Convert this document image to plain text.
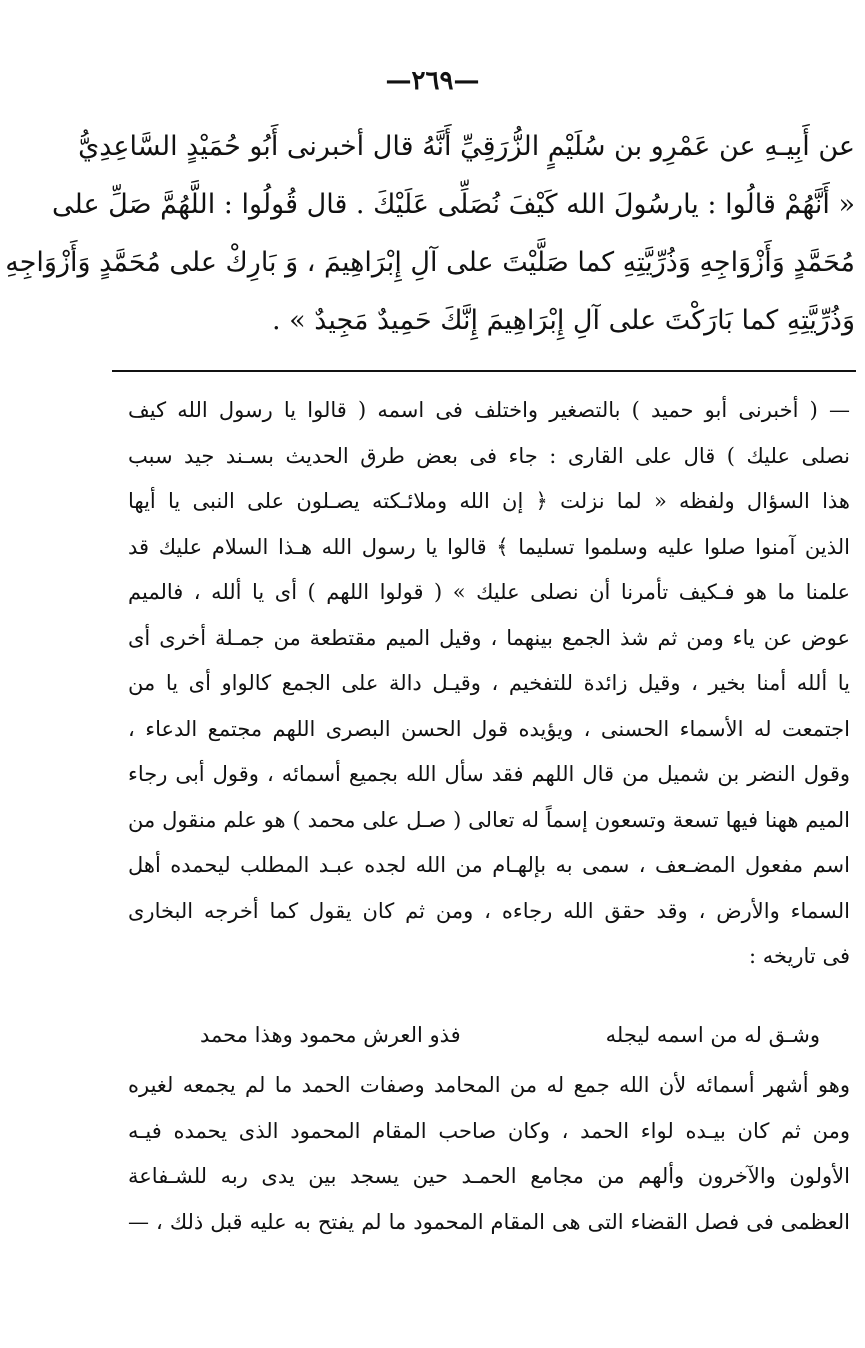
—٢٦٩—
عن أَبِيـهِ عن عَمْرِو بن سُلَيْمٍ الزُّرَقِيِّ أَنَّهُ قال أخبرنى أَبُو حُمَيْدٍ السَّاعِدِيُّ
« أَنَّهُمْ قالُوا : يارسُولَ الله كَيْفَ نُصَلِّى عَلَيْكَ . قال قُولُوا : اللَّهُمَّ صَلِّ على
مُحَمَّدٍ وَأَزْوَاجِهِ وَذُرِّيَّتِهِ كما صَلَّيْتَ على آلِ إِبْرَاهِيمَ ، وَ بَارِكْ على مُحَمَّدٍ وَأَزْوَاجِهِ
وَذُرِّيَّتِهِ كما بَارَكْتَ على آلِ إِبْرَاهِيمَ إِنَّكَ حَمِيدٌ مَجِيدٌ » .
— ( أخبرنى أبو حميد ) بالتصغير واختلف فى اسمه ( قالوا يا رسول الله كيف
نصلى عليك ) قال على القارى : جاء فى بعض طرق الحديث بسـند جيد سبب
هذا السؤال ولفظه « لما نزلت ﴿ إن الله وملائـكته يصـلون على النبى يا أيها
الذين آمنوا صلوا عليه وسلموا تسليما ﴾ قالوا يا رسول الله هـذا السلام عليك قد
علمنا ما هو فـكيف تأمرنا أن نصلى عليك » ( قولوا اللهم ) أى يا ألله ، فالميم
عوض عن ياء ومن ثم شذ الجمع بينهما ، وقيل الميم مقتطعة من جمـلة أخرى أى
يا ألله أمنا بخير ، وقيل زائدة للتفخيم ، وقيـل دالة على الجمع كالواو أى يا من
اجتمعت له الأسماء الحسنى ، ويؤيده قول الحسن البصرى اللهم مجتمع الدعاء ،
وقول النضر بن شميل من قال اللهم فقد سأل الله بجميع أسمائه ، وقول أبى رجاء
الميم ههنا فيها تسعة وتسعون إسماً له تعالى ( صـل على محمد ) هو علم منقول من
اسم مفعول المضـعف ، سمى به بإلهـام من الله لجده عبـد المطلب ليحمده أهل
السماء والأرض ، وقد حقق الله رجاءه ، ومن ثم كان يقول كما أخرجه البخارى
فى تاريخه :
وشـق له من اسمه ليجله
فذو العرش محمود وهذا محمد
وهو أشهر أسمائه لأن الله جمع له من المحامد وصفات الحمد ما لم يجمعه لغيره
ومن ثم كان بيـده لواء الحمد ، وكان صاحب المقام المحمود الذى يحمده فيـه
الأولون والآخرون وألهم من مجامع الحمـد حين يسجد بين يدى ربه للشـفاعة
العظمى فى فصل القضاء التى هى المقام المحمود ما لم يفتح به عليه قبل ذلك ، —
